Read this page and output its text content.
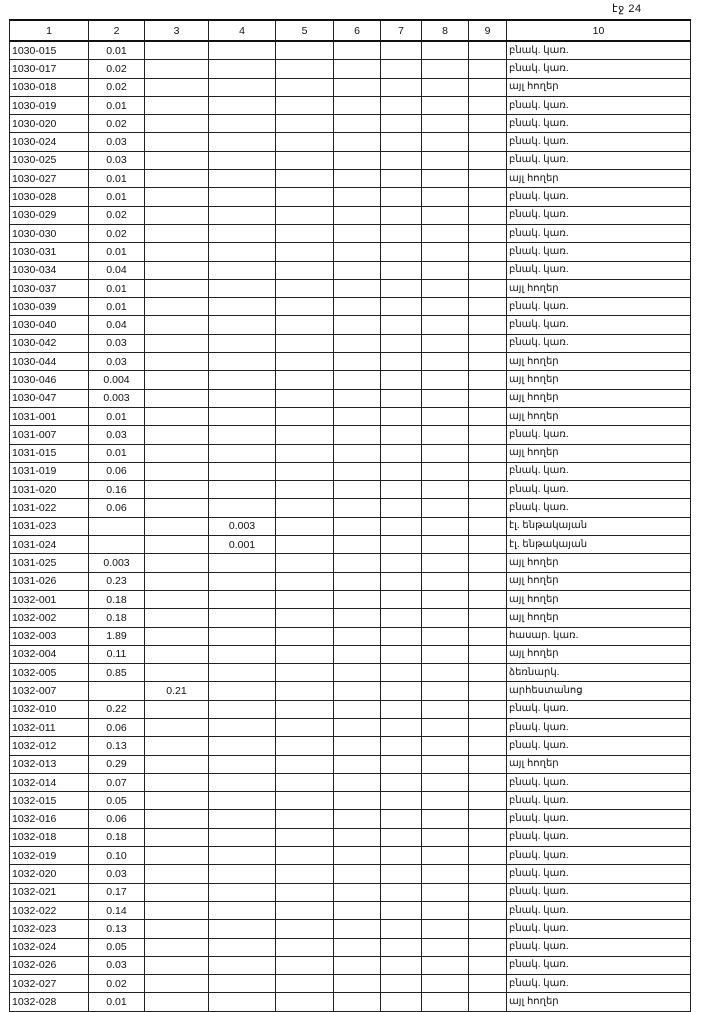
էջ 24
1	2	3	4	5	6	7	8	9	10
1030-015	0.01								բնակ. կառ.
1030-017	0.02								բնակ. կառ.
1030-018	0.02								այլ հողեր
1030-019	0.01								բնակ. կառ.
1030-020	0.02								բնակ. կառ.
1030-024	0.03								բնակ. կառ.
1030-025	0.03								բնակ. կառ.
1030-027	0.01								այլ հողեր
1030-028	0.01								բնակ. կառ.
1030-029	0.02								բնակ. կառ.
1030-030	0.02								բնակ. կառ.
1030-031	0.01								բնակ. կառ.
1030-034	0.04								բնակ. կառ.
1030-037	0.01								այլ հողեր
1030-039	0.01								բնակ. կառ.
1030-040	0.04								բնակ. կառ.
1030-042	0.03								բնակ. կառ.
1030-044	0.03								այլ հողեր
1030-046	0.004								այլ հողեր
1030-047	0.003								այլ հողեր
1031-001	0.01								այլ հողեր
1031-007	0.03								բնակ. կառ.
1031-015	0.01								այլ հողեր
1031-019	0.06								բնակ. կառ.
1031-020	0.16								բնակ. կառ.
1031-022	0.06								բնակ. կառ.
1031-023			0.003						էլ. ենթակայան
1031-024			0.001						էլ. ենթակայան
1031-025	0.003								այլ հողեր
1031-026	0.23								այլ հողեր
1032-001	0.18								այլ հողեր
1032-002	0.18								այլ հողեր
1032-003	1.89								հասար. կառ.
1032-004	0.11								այլ հողեր
1032-005	0.85								ձեռնարկ.
1032-007		0.21							արհեստանոց
1032-010	0.22								բնակ. կառ.
1032-011	0.06								բնակ. կառ.
1032-012	0.13								բնակ. կառ.
1032-013	0.29								այլ հողեր
1032-014	0.07								բնակ. կառ.
1032-015	0.05								բնակ. կառ.
1032-016	0.06								բնակ. կառ.
1032-018	0.18								բնակ. կառ.
1032-019	0.10								բնակ. կառ.
1032-020	0.03								բնակ. կառ.
1032-021	0.17								բնակ. կառ.
1032-022	0.14								բնակ. կառ.
1032-023	0.13								բնակ. կառ.
1032-024	0.05								բնակ. կառ.
1032-026	0.03								բնակ. կառ.
1032-027	0.02								բնակ. կառ.
1032-028	0.01								այլ հողեր
